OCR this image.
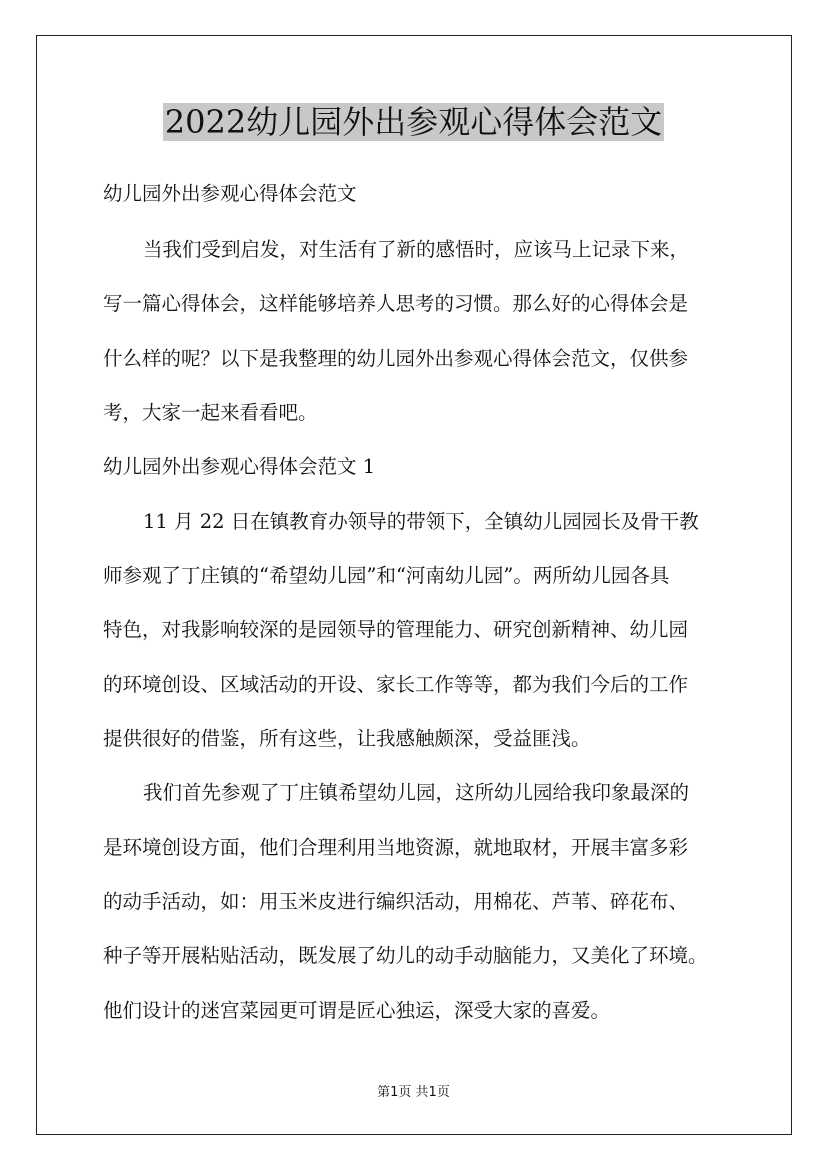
2022幼儿园外出参观心得体会范文
幼儿园外出参观心得体会范文
当我们受到启发，对生活有了新的感悟时，应该马上记录下来，
写一篇心得体会，这样能够培养人思考的习惯。那么好的心得体会是
什么样的呢？以下是我整理的幼儿园外出参观心得体会范文，仅供参
考，大家一起来看看吧。
幼儿园外出参观心得体会范文 1
11 月 22 日在镇教育办领导的带领下，全镇幼儿园园长及骨干教
师参观了丁庄镇的“希望幼儿园”和“河南幼儿园”。两所幼儿园各具
特色，对我影响较深的是园领导的管理能力、研究创新精神、幼儿园
的环境创设、区域活动的开设、家长工作等等，都为我们今后的工作
提供很好的借鉴，所有这些，让我感触颇深，受益匪浅。
我们首先参观了丁庄镇希望幼儿园，这所幼儿园给我印象最深的
是环境创设方面，他们合理利用当地资源，就地取材，开展丰富多彩
的动手活动，如：用玉米皮进行编织活动，用棉花、芦苇、碎花布、
种子等开展粘贴活动，既发展了幼儿的动手动脑能力，又美化了环境。
他们设计的迷宫菜园更可谓是匠心独运，深受大家的喜爱。
第1页 共1页
